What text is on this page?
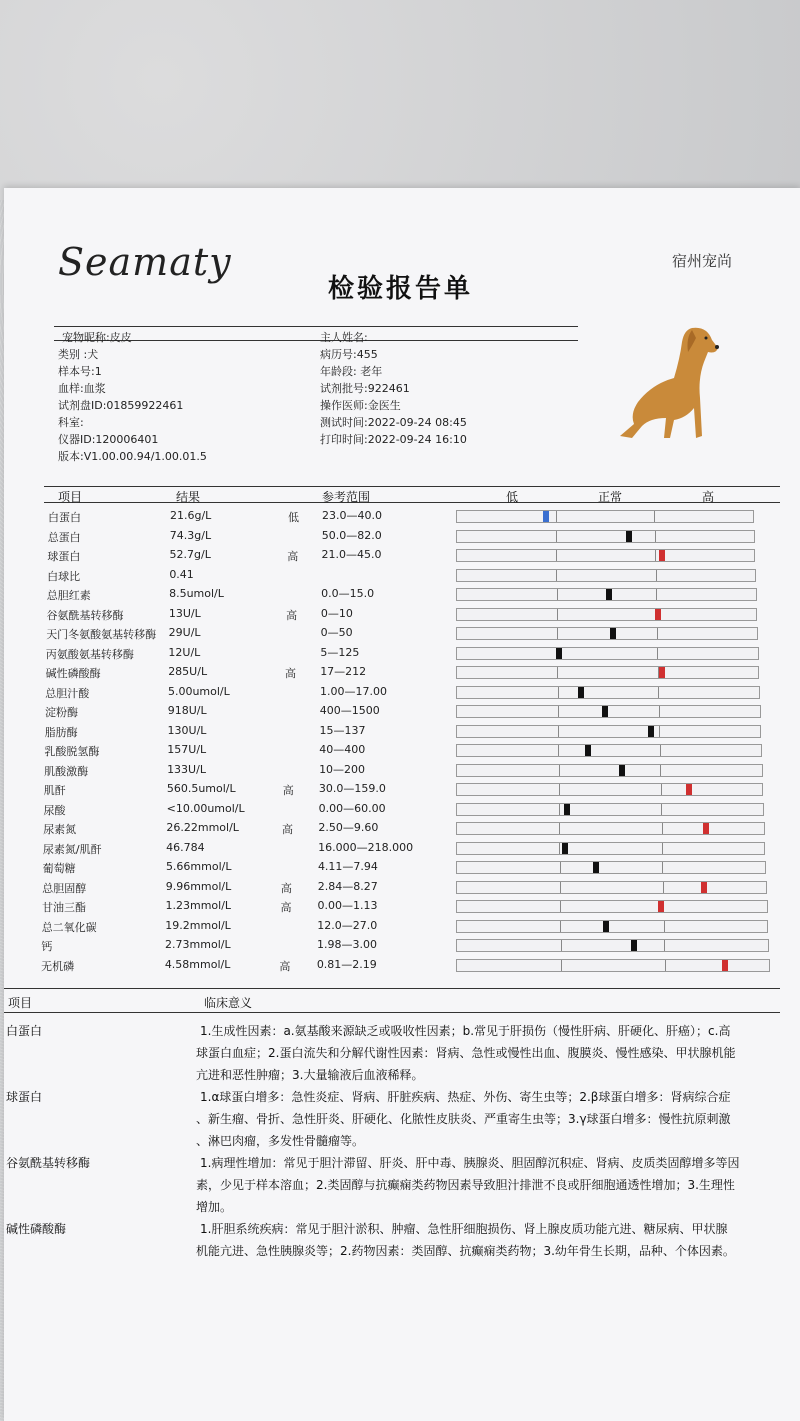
Seamaty	宿州宠尚
检验报告单
宠物昵称:皮皮
类别 :犬
样本号:1
血样:血浆
试剂盘ID:01859922461
科室:
仪器ID:120006401
版本:V1.00.00.94/1.00.01.5
主人姓名:
病历号:455
年龄段: 老年
试剂批号:922461
操作医师:金医生
测试时间:2022-09-24 08:45
打印时间:2022-09-24 16:10
项目	结果	参考范围	低	正常	高
白蛋白	21.6g/L	低 23.0—40.0
总蛋白	74.3g/L	50.0—82.0
球蛋白	52.7g/L	高 21.0—45.0
白球比	0.41
总胆红素	8.5umol/L	0.0—15.0
谷氨酰基转移酶	13U/L	高 0—10
天门冬氨酸氨基转移酶 29U/L	0—50
丙氨酸氨基转移酶	12U/L	5—125
碱性磷酸酶	285U/L	高 17—212
总胆汁酸	5.00umol/L	1.00—17.00
淀粉酶	918U/L	400—1500
脂肪酶	130U/L	15—137
乳酸脱氢酶	157U/L	40—400
肌酸激酶	133U/L	10—200
肌酐	560.5umol/L	高 30.0—159.0
尿酸	<10.00umol/L	0.00—60.00
尿素氮	26.22mmol/L	高 2.50—9.60
尿素氮/肌酐	46.784	16.000—218.000
葡萄糖	5.66mmol/L	4.11—7.94
总胆固醇	9.96mmol/L	高 2.84—8.27
甘油三酯	1.23mmol/L	高 0.00—1.13
总二氧化碳	19.2mmol/L	12.0—27.0
钙	2.73mmol/L	1.98—3.00
无机磷	4.58mmol/L	高 0.81—2.19
项目	临床意义
白蛋白	1.生成性因素：a.氨基酸来源缺乏或吸收性因素；b.常见于肝损伤（慢性肝病、肝硬化、肝癌）；c.高
球蛋白血症；2.蛋白流失和分解代谢性因素：肾病、急性或慢性出血、腹膜炎、慢性感染、甲状腺机能
亢进和恶性肿瘤；3.大量输液后血液稀释。
球蛋白	1.α球蛋白增多：急性炎症、肾病、肝脏疾病、热症、外伤、寄生虫等；2.β球蛋白增多：肾病综合症
、新生瘤、骨折、急性肝炎、肝硬化、化脓性皮肤炎、严重寄生虫等；3.γ球蛋白增多：慢性抗原刺激
、淋巴肉瘤，多发性骨髓瘤等。
谷氨酰基转移酶	1.病理性增加：常见于胆汁滞留、肝炎、肝中毒、胰腺炎、胆固醇沉积症、肾病、皮质类固醇增多等因
素，少见于样本溶血；2.类固醇与抗癫痫类药物因素导致胆汁排泄不良或肝细胞通透性增加；3.生理性
增加。
碱性磷酸酶	1.肝胆系统疾病：常见于胆汁淤积、肿瘤、急性肝细胞损伤、肾上腺皮质功能亢进、糖尿病、甲状腺
机能亢进、急性胰腺炎等；2.药物因素：类固醇、抗癫痫类药物；3.幼年骨生长期，品种、个体因素。
